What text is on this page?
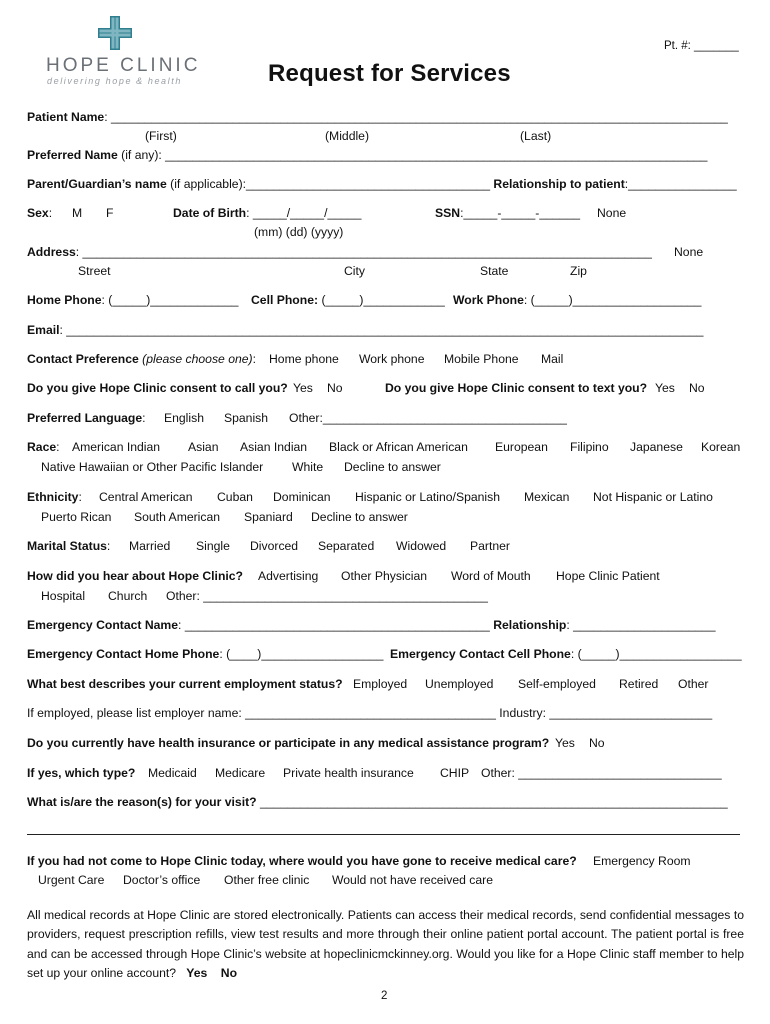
HOPE CLINIC
delivering hope & health
Pt. #: _______
Request for Services
Patient Name: ___________________________________________________________________________________________
(First)	(Middle)	(Last)
Preferred Name (if any): ________________________________________________________________________________
Parent/Guardian’s name (if applicable):____________________________________ Relationship to patient:________________
Sex: M F	Date of Birth: _____/_____/_____
(mm) (dd) (yyyy)
SSN:_____-_____-______ None
Address: ____________________________________________________________________________________ None
Street	City	State	Zip
Home Phone: (_____)_____________ Cell Phone: (_____)____________ Work Phone: (_____)___________________
Email: ______________________________________________________________________________________________
Contact Preference (please choose one): Home phone Work phone Mobile Phone Mail
Do you give Hope Clinic consent to call you? Yes No	Do you give Hope Clinic consent to text you? Yes No
Preferred Language: English Spanish Other:____________________________________
Race: American Indian Asian Asian Indian Black or African American European Filipino Japanese Korean
Native Hawaiian or Other Pacific Islander White Decline to answer
Ethnicity: Central American Cuban Dominican Hispanic or Latino/Spanish Mexican Not Hispanic or Latino
Puerto Rican South American Spaniard Decline to answer
Marital Status: Married Single Divorced Separated Widowed Partner
How did you hear about Hope Clinic? Advertising Other Physician Word of Mouth Hope Clinic Patient
Hospital Church Other: __________________________________________
Emergency Contact Name: _____________________________________________ Relationship: _____________________
Emergency Contact Home Phone: (____)__________________ Emergency Contact Cell Phone: (_____)__________________
What best describes your current employment status? Employed Unemployed Self-employed Retired Other
If employed, please list employer name: _____________________________________ Industry: ________________________
Do you currently have health insurance or participate in any medical assistance program? Yes No
If yes, which type? Medicaid Medicare Private health insurance CHIP Other: ______________________________
What is/are the reason(s) for your visit? _____________________________________________________________________
If you had not come to Hope Clinic today, where would you have gone to receive medical care? Emergency Room
Urgent Care Doctor’s office Other free clinic Would not have received care
All medical records at Hope Clinic are stored electronically. Patients can access their medical records, send confidential messages to providers, request prescription refills, view test results and more through their online patient portal account. The patient portal is free and can be accessed through Hope Clinic’s website at hopeclinicmckinney.org. Would you like for a Hope Clinic staff member to help set up your online account? Yes No
2
